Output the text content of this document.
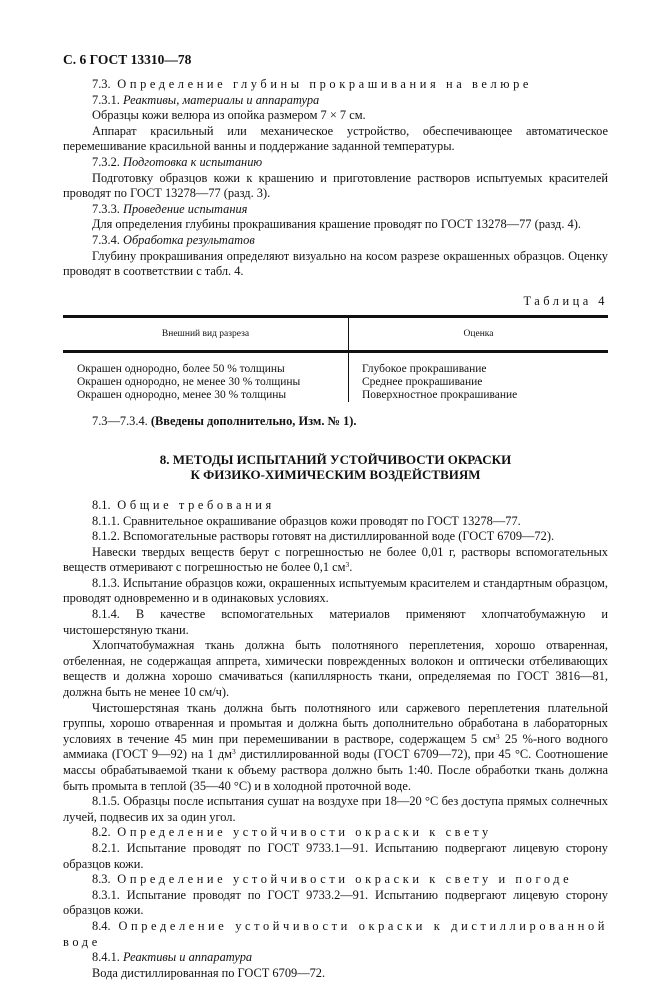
С. 6 ГОСТ 13310—78

7.3. Определение глубины прокрашивания на велюре

7.3.1. Реактивы, материалы и аппаратура

Образцы кожи велюра из опойка размером 7 × 7 см.

Аппарат красильный или механическое устройство, обеспечивающее автоматическое перемешивание красильной ванны и поддержание заданной температуры.

7.3.2. Подготовка к испытанию

Подготовку образцов кожи к крашению и приготовление растворов испытуемых красителей проводят по ГОСТ 13278—77 (разд. 3).

7.3.3. Проведение испытания

Для определения глубины прокрашивания крашение проводят по ГОСТ 13278—77 (разд. 4).

7.3.4. Обработка результатов

Глубину прокрашивания определяют визуально на косом разрезе окрашенных образцов. Оценку проводят в соответствии с табл. 4.

Таблица 4
Внешний вид разреза	Оценка
Окрашен однородно, более 50 % толщины	Глубокое прокрашивание
Окрашен однородно, не менее 30 % толщины	Среднее прокрашивание
Окрашен однородно, менее 30 % толщины	Поверхностное прокрашивание

7.3—7.3.4. (Введены дополнительно, Изм. № 1).

8. МЕТОДЫ ИСПЫТАНИЙ УСТОЙЧИВОСТИ ОКРАСКИ
К ФИЗИКО-ХИМИЧЕСКИМ ВОЗДЕЙСТВИЯМ

8.1. Общие требования

8.1.1. Сравнительное окрашивание образцов кожи проводят по ГОСТ 13278—77.

8.1.2. Вспомогательные растворы готовят на дистиллированной воде (ГОСТ 6709—72).

Навески твердых веществ берут с погрешностью не более 0,01 г, растворы вспомогательных веществ отмеривают с погрешностью не более 0,1 $см^3$.

8.1.3. Испытание образцов кожи, окрашенных испытуемым красителем и стандартным образцом, проводят одновременно и в одинаковых условиях.

8.1.4. В качестве вспомогательных материалов применяют хлопчатобумажную и чистошерстяную ткани.

Хлопчатобумажная ткань должна быть полотняного переплетения, хорошо отваренная, отбеленная, не содержащая аппрета, химически поврежденных волокон и оптически отбеливающих веществ и должна хорошо смачиваться (капиллярность ткани, определяемая по ГОСТ 3816—81, должна быть не менее 10 см/ч).

Чистошерстяная ткань должна быть полотняного или саржевого переплетения плательной группы, хорошо отваренная и промытая и должна быть дополнительно обработана в лабораторных условиях в течение 45 мин при перемешивании в растворе, содержащем 5 $см^3$ 25 %-ного водного аммиака (ГОСТ 9—92) на 1 $дм^3$ дистиллированной воды (ГОСТ 6709—72), при 45 °С. Соотношение массы обрабатываемой ткани к объему раствора должно быть 1:40. После обработки ткань должна быть промыта в теплой (35—40 °С) и в холодной проточной воде.

8.1.5. Образцы после испытания сушат на воздухе при 18—20 °С без доступа прямых солнечных лучей, подвесив их за один угол.

8.2. Определение устойчивости окраски к свету

8.2.1. Испытание проводят по ГОСТ 9733.1—91. Испытанию подвергают лицевую сторону образцов кожи.

8.3. Определение устойчивости окраски к свету и погоде

8.3.1. Испытание проводят по ГОСТ 9733.2—91. Испытанию подвергают лицевую сторону образцов кожи.

8.4. Определение устойчивости окраски к дистиллированной воде

8.4.1. Реактивы и аппаратура

Вода дистиллированная по ГОСТ 6709—72.
